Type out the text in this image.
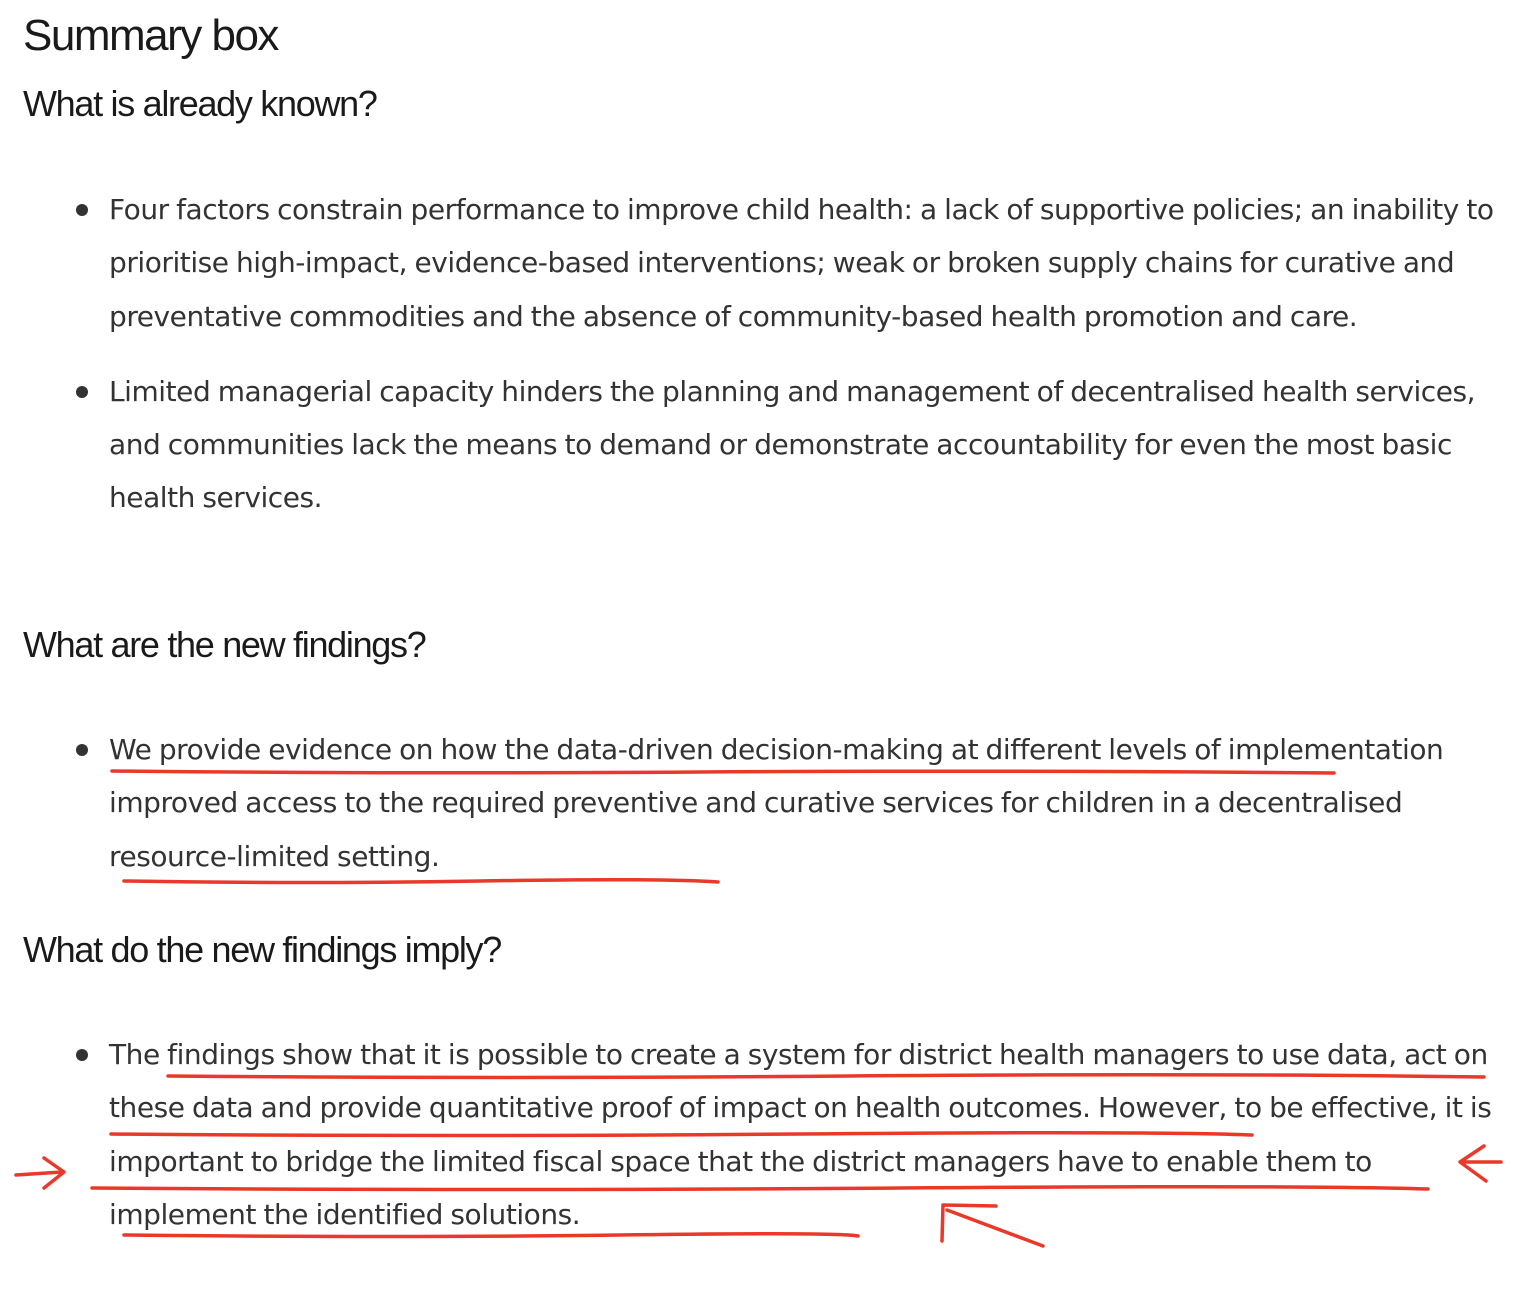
Summary box
What is already known?
Four factors constrain performance to improve child health: a lack of supportive policies; an inability to prioritise high-impact, evidence-based interventions; weak or broken supply chains for curative and preventative commodities and the absence of community-based health promotion and care.
Limited managerial capacity hinders the planning and management of decentralised health services, and communities lack the means to demand or demonstrate accountability for even the most basic health services.
What are the new findings?
We provide evidence on how the data-driven decision-making at different levels of implementation improved access to the required preventive and curative services for children in a decentralised resource-limited setting.
What do the new findings imply?
The findings show that it is possible to create a system for district health managers to use data, act on these data and provide quantitative proof of impact on health outcomes. However, to be effective, it is important to bridge the limited fiscal space that the district managers have to enable them to implement the identified solutions.
